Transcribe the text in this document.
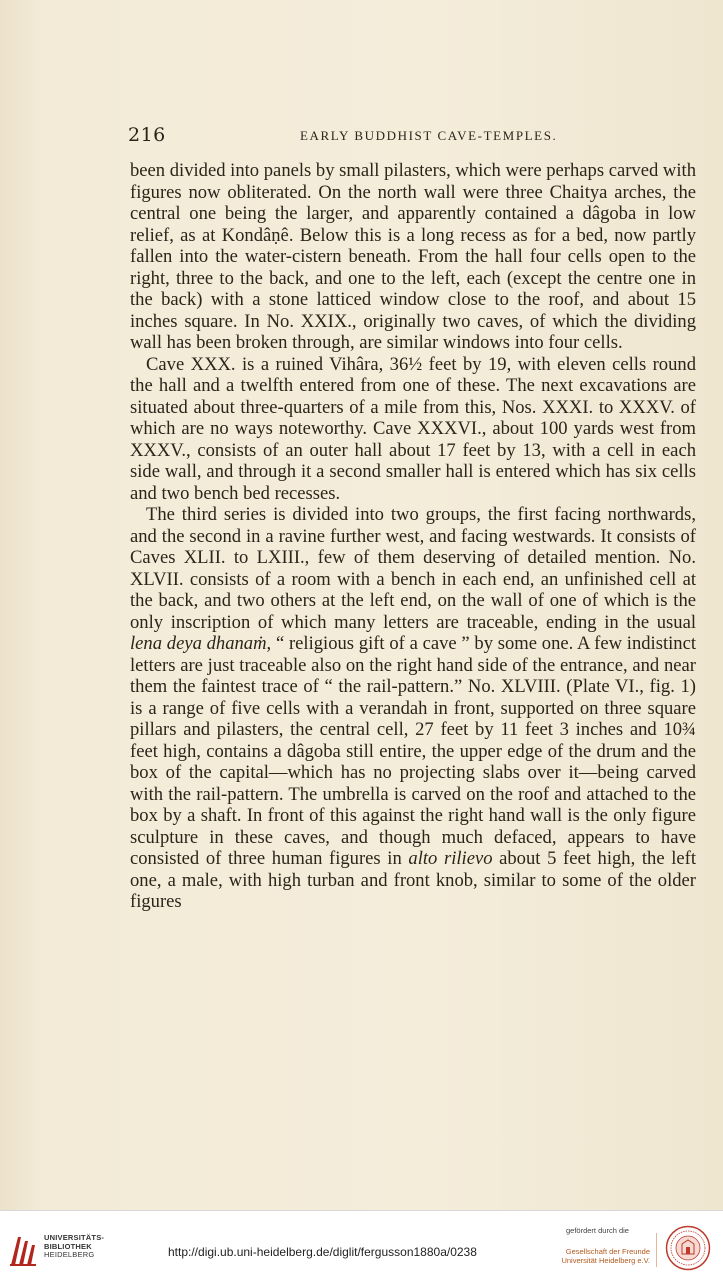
216	EARLY BUDDHIST CAVE-TEMPLES.

been divided into panels by small pilasters, which were perhaps carved with figures now obliterated. On the north wall were three Chaitya arches, the central one being the larger, and apparently contained a dâgoba in low relief, as at Kondâṇê. Below this is a long recess as for a bed, now partly fallen into the water-cistern beneath. From the hall four cells open to the right, three to the back, and one to the left, each (except the centre one in the back) with a stone latticed window close to the roof, and about 15 inches square. In No. XXIX., originally two caves, of which the dividing wall has been broken through, are similar windows into four cells.

Cave XXX. is a ruined Vihâra, 36½ feet by 19, with eleven cells round the hall and a twelfth entered from one of these. The next excavations are situated about three-quarters of a mile from this, Nos. XXXI. to XXXV. of which are no ways noteworthy. Cave XXXVI., about 100 yards west from XXXV., consists of an outer hall about 17 feet by 13, with a cell in each side wall, and through it a second smaller hall is entered which has six cells and two bench bed recesses.

The third series is divided into two groups, the first facing northwards, and the second in a ravine further west, and facing westwards. It consists of Caves XLII. to LXIII., few of them deserving of detailed mention. No. XLVII. consists of a room with a bench in each end, an unfinished cell at the back, and two others at the left end, on the wall of one of which is the only inscription of which many letters are traceable, ending in the usual lena deya dhanaṁ, “ religious gift of a cave ” by some one. A few indistinct letters are just traceable also on the right hand side of the entrance, and near them the faintest trace of “ the rail-pattern.” No. XLVIII. (Plate VI., fig. 1) is a range of five cells with a verandah in front, supported on three square pillars and pilasters, the central cell, 27 feet by 11 feet 3 inches and 10¾ feet high, contains a dâgoba still entire, the upper edge of the drum and the box of the capital—which has no projecting slabs over it—being carved with the rail-pattern. The umbrella is carved on the roof and attached to the box by a shaft. In front of this against the right hand wall is the only figure sculpture in these caves, and though much defaced, appears to have consisted of three human figures in alto rilievo about 5 feet high, the left one, a male, with high turban and front knob, similar to some of the older figures

UNIVERSITÄTS-
BIBLIOTHEK
HEIDELBERG	http://digi.ub.uni-heidelberg.de/diglit/fergusson1880a/0238
gefördert durch die
Gesellschaft der Freunde
Universität Heidelberg e.V.
